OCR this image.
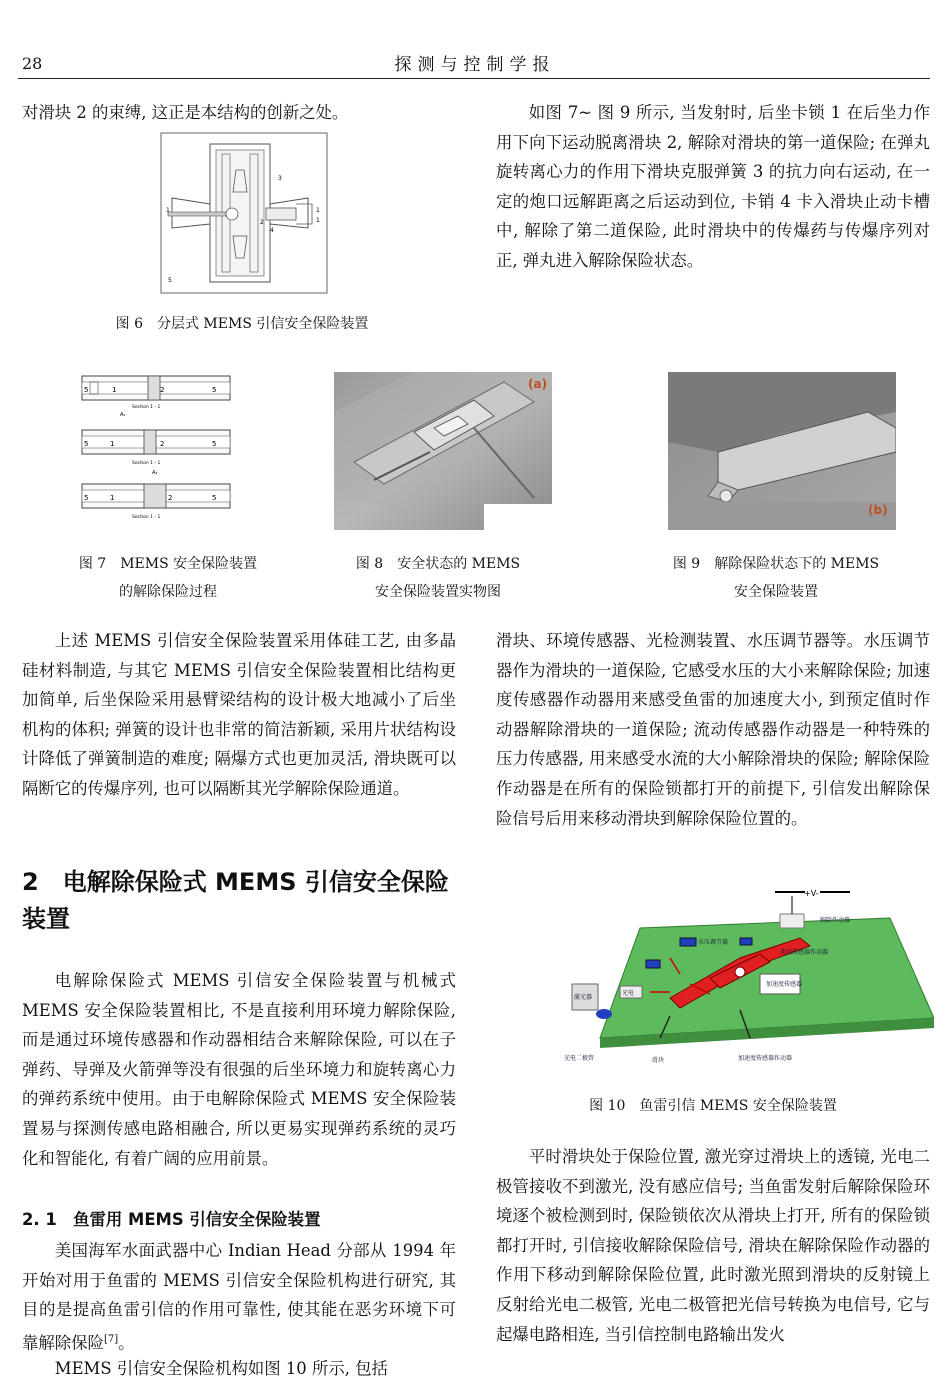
28	探测与控制学报

对滑块 2 的束缚, 这正是本结构的创新之处。

1
2
3
4
5
1
1
图 6　分层式 MEMS 引信安全保险装置

如图 7~ 图 9 所示, 当发射时, 后坐卡锁 1 在后坐力作用下向下运动脱离滑块 2, 解除对滑块的第一道保险; 在弹丸旋转离心力的作用下滑块克服弹簧 3 的抗力向右运动, 在一定的炮口远解距离之后运动到位, 卡销 4 卡入滑块止动卡槽中, 解除了第二道保险, 此时滑块中的传爆药与传爆序列对正, 弹丸进入解除保险状态。

5	1	2	5
Section 1 - 1
A₁
5	1	2	5
Section 1 - 1
A₂
5	1	2	5
Section 1 - 1
图 7　MEMS 安全保险装置
的解除保险过程
(a)
图 8　安全状态的 MEMS
安全保险装置实物图
(b)
图 9　解除保险状态下的 MEMS
安全保险装置

上述 MEMS 引信安全保险装置采用体硅工艺, 由多晶硅材料制造, 与其它 MEMS 引信安全保险装置相比结构更加简单, 后坐保险采用悬臂梁结构的设计极大地减小了后坐机构的体积; 弹簧的设计也非常的简洁新颖, 采用片状结构设计降低了弹簧制造的难度; 隔爆方式也更加灵活, 滑块既可以隔断它的传爆序列, 也可以隔断其光学解除保险通道。

2　电解除保险式 MEMS 引信安全保险装置

电解除保险式 MEMS 引信安全保险装置与机械式 MEMS 安全保险装置相比, 不是直接利用环境力解除保险, 而是通过环境传感器和作动器相结合来解除保险, 可以在子弹药、导弹及火箭弹等没有很强的后坐环境力和旋转离心力的弹药系统中使用。由于电解除保险式 MEMS 安全保险装置易与探测传感电路相融合, 所以更易实现弹药系统的灵巧化和智能化, 有着广阔的应用前景。

2. 1　鱼雷用 MEMS 引信安全保险装置

美国海军水面武器中心 Indian Head 分部从 1994 年开始对用于鱼雷的 MEMS 引信安全保险机构进行研究, 其目的是提高鱼雷引信的作用可靠性, 使其能在恶劣环境下可靠解除保险[7]。

MEMS 引信安全保险机构如图 10 所示, 包括

滑块、环境传感器、光检测装置、水压调节器等。水压调节器作为滑块的一道保险, 它感受水压的大小来解除保险; 加速度传感器作动器用来感受鱼雷的加速度大小, 到预定值时作动器解除滑块的一道保险; 流动传感器作动器是一种特殊的压力传感器, 用来感受水流的大小解除滑块的保险; 解除保险作动器是在所有的保险锁都打开的前提下, 引信发出解除保险信号后用来移动滑块到解除保险位置的。

+V-
解除作动器
水压调节器
流动传感器作动器
加速度传感器
激光器
光电
光电二极管	滑块	加速度传感器作动器
图 10　鱼雷引信 MEMS 安全保险装置

平时滑块处于保险位置, 激光穿过滑块上的透镜, 光电二极管接收不到激光, 没有感应信号; 当鱼雷发射后解除保险环境逐个被检测到时, 保险锁依次从滑块上打开, 所有的保险锁都打开时, 引信接收解除保险信号, 滑块在解除保险作动器的作用下移动到解除保险位置, 此时激光照到滑块的反射镜上反射给光电二极管, 光电二极管把光信号转换为电信号, 它与起爆电路相连, 当引信控制电路输出发火
